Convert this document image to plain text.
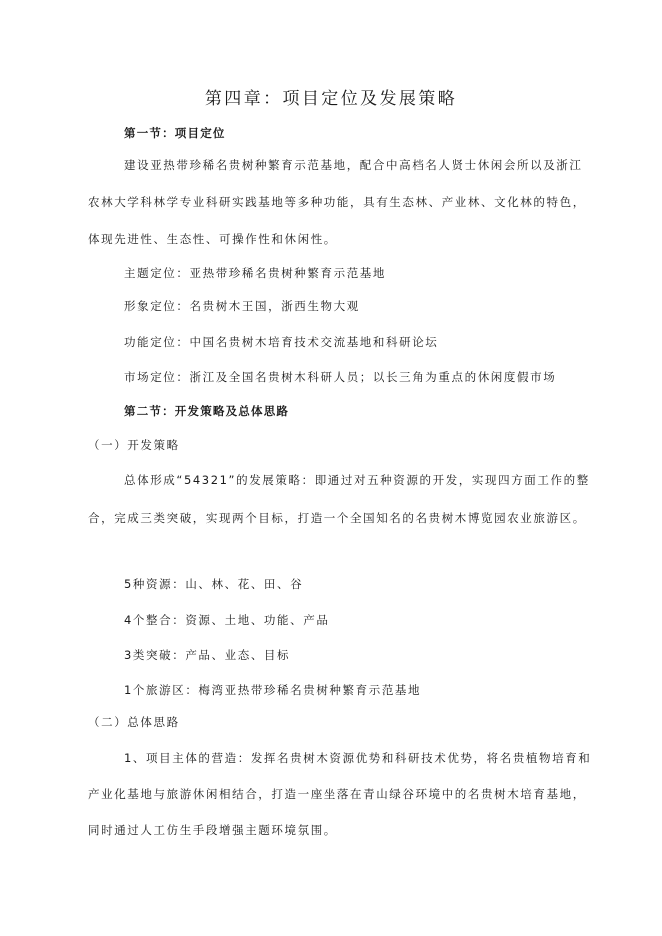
第四章：项目定位及发展策略
第一节：项目定位
建设亚热带珍稀名贵树种繁育示范基地，配合中高档名人贤士休闲会所以及浙江
农林大学科林学专业科研实践基地等多种功能，具有生态林、产业林、文化林的特色，
体现先进性、生态性、可操作性和休闲性。
主题定位：亚热带珍稀名贵树种繁育示范基地
形象定位：名贵树木王国，浙西生物大观
功能定位：中国名贵树木培育技术交流基地和科研论坛
市场定位：浙江及全国名贵树木科研人员；以长三角为重点的休闲度假市场
第二节：开发策略及总体思路
（一）开发策略
总体形成“54321”的发展策略：即通过对五种资源的开发，实现四方面工作的整
合，完成三类突破，实现两个目标，打造一个全国知名的名贵树木博览园农业旅游区。
5种资源：山、林、花、田、谷
4个整合：资源、土地、功能、产品
3类突破：产品、业态、目标
1个旅游区：梅湾亚热带珍稀名贵树种繁育示范基地
（二）总体思路
1、项目主体的营造：发挥名贵树木资源优势和科研技术优势，将名贵植物培育和
产业化基地与旅游休闲相结合，打造一座坐落在青山绿谷环境中的名贵树木培育基地，
同时通过人工仿生手段增强主题环境氛围。
